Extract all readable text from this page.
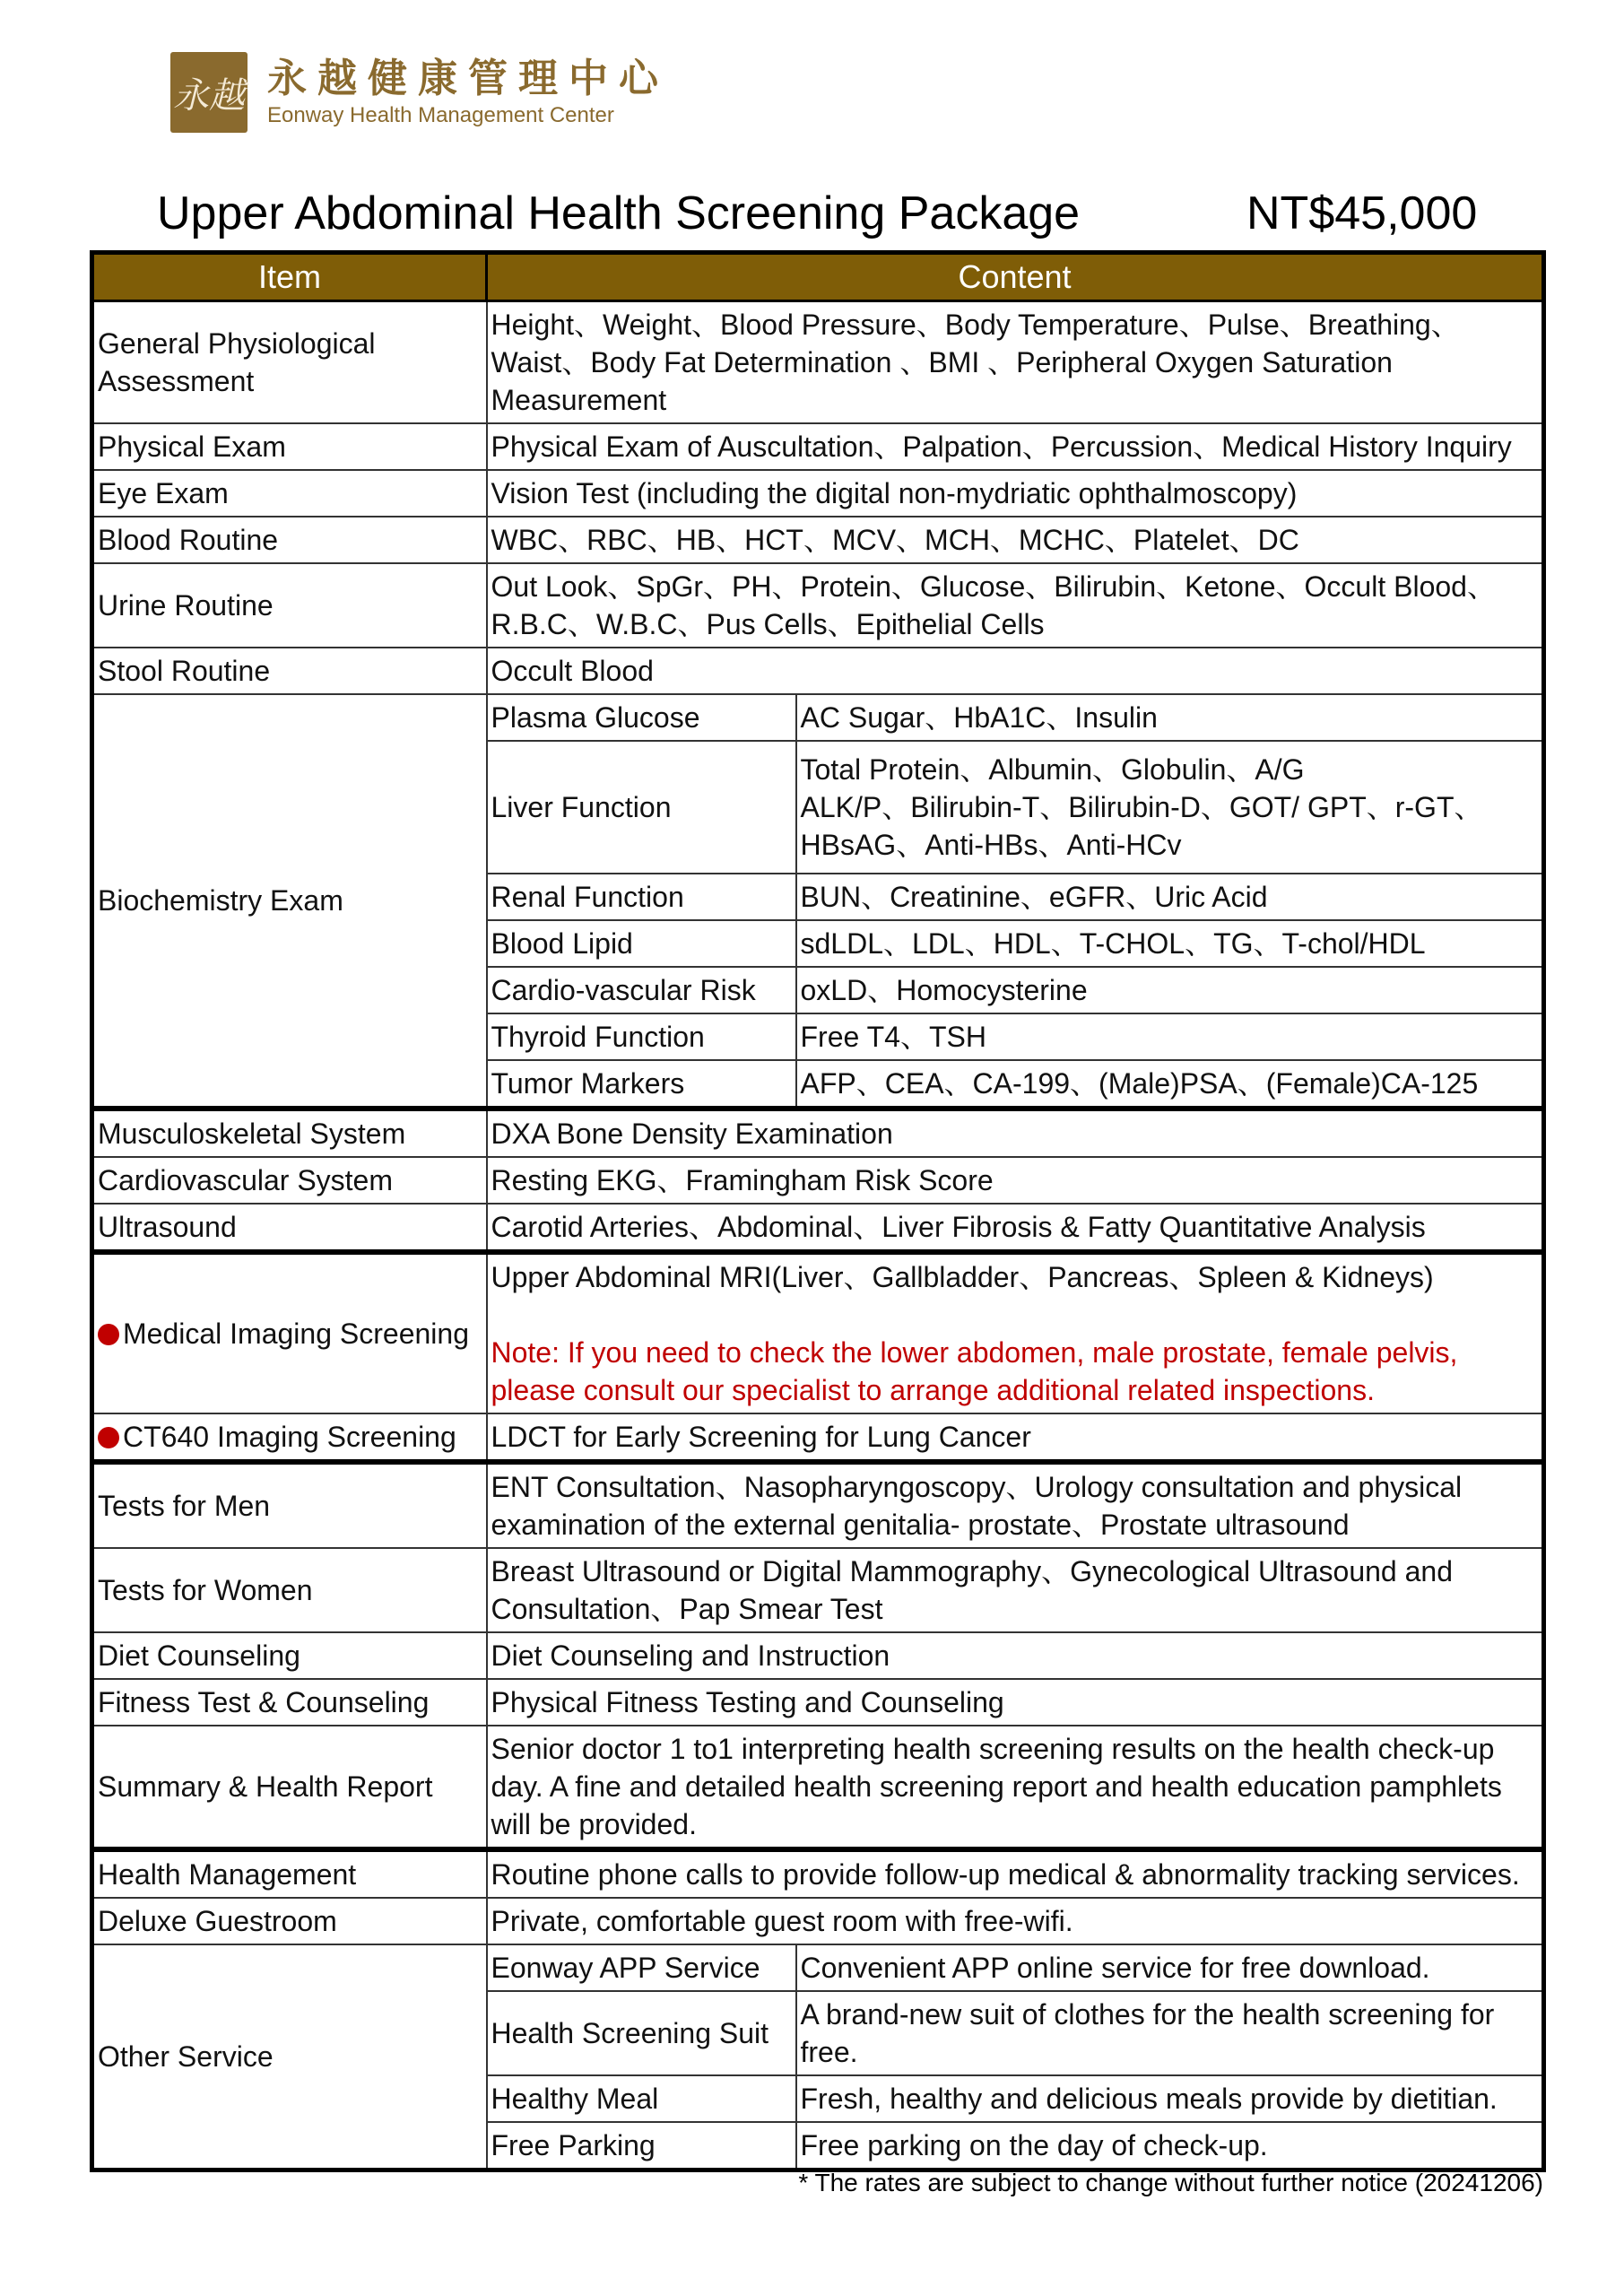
永越 永越健康管理中心
Eonway Health Management Center
Upper Abdominal Health Screening Package	NT$45,000
Item	Content	
General Physiological Assessment	Height、Weight、Blood Pressure、Body Temperature、Pulse、Breathing、Waist、Body Fat Determination 、BMI 、Peripheral Oxygen Saturation Measurement	
Physical Exam	Physical Exam of Auscultation、Palpation、Percussion、Medical History Inquiry	
Eye Exam	Vision Test (including the digital non-mydriatic ophthalmoscopy)	
Blood Routine	WBC、RBC、HB、HCT、MCV、MCH、MCHC、Platelet、DC	
Urine Routine	Out Look、SpGr、PH、Protein、Glucose、Bilirubin、Ketone、Occult Blood、R.B.C、W.B.C、Pus Cells、Epithelial Cells	
Stool Routine	Occult Blood	
Biochemistry Exam	Plasma Glucose	AC Sugar、HbA1C、Insulin
	Liver Function	Total Protein、Albumin、Globulin、A/G
ALK/P、Bilirubin-T、Bilirubin-D、GOT/ GPT、r-GT、HBsAG、Anti-HBs、Anti-HCv

	Renal Function	BUN、Creatinine、eGFR、Uric Acid
	Blood Lipid	sdLDL、LDL、HDL、T-CHOL、TG、T-chol/HDL
	Cardio-vascular Risk	oxLD、Homocysterine
	Thyroid Function	Free T4、TSH
	Tumor Markers	AFP、CEA、CA-199、(Male)PSA、(Female)CA-125
Musculoskeletal System	DXA Bone Density Examination	
Cardiovascular System	Resting EKG、Framingham Risk Score	
Ultrasound	Carotid Arteries、Abdominal、Liver Fibrosis & Fatty Quantitative Analysis	
Medical Imaging Screening	Upper Abdominal MRI(Liver、Gallbladder、Pancreas、Spleen & Kidneys)
Note: If you need to check the lower abdomen, male prostate, female pelvis, please consult our specialist to arrange additional related inspections.	

CT640 Imaging Screening	LDCT for Early Screening for Lung Cancer	
Tests for Men	ENT Consultation、Nasopharyngoscopy、Urology consultation and physical examination of the external genitalia- prostate、Prostate ultrasound	
Tests for Women	Breast Ultrasound or Digital Mammography、Gynecological Ultrasound and Consultation、Pap Smear Test	
Diet Counseling	Diet Counseling and Instruction	
Fitness Test & Counseling	Physical Fitness Testing and Counseling	
Summary & Health Report	Senior doctor 1 to1 interpreting health screening results on the health check-up day. A fine and detailed health screening report and health education pamphlets will be provided.	
Health Management	Routine phone calls to provide follow-up medical & abnormality tracking services.	
Deluxe Guestroom	Private, comfortable guest room with free-wifi.	
Other Service	Eonway APP Service	Convenient APP online service for free download.
	Health Screening Suit	A brand-new suit of clothes for the health screening for free.
	Healthy Meal	Fresh, healthy and delicious meals provide by dietitian.
	Free Parking	Free parking on the day of check-up.
* The rates are subject to change without further notice (20241206)
